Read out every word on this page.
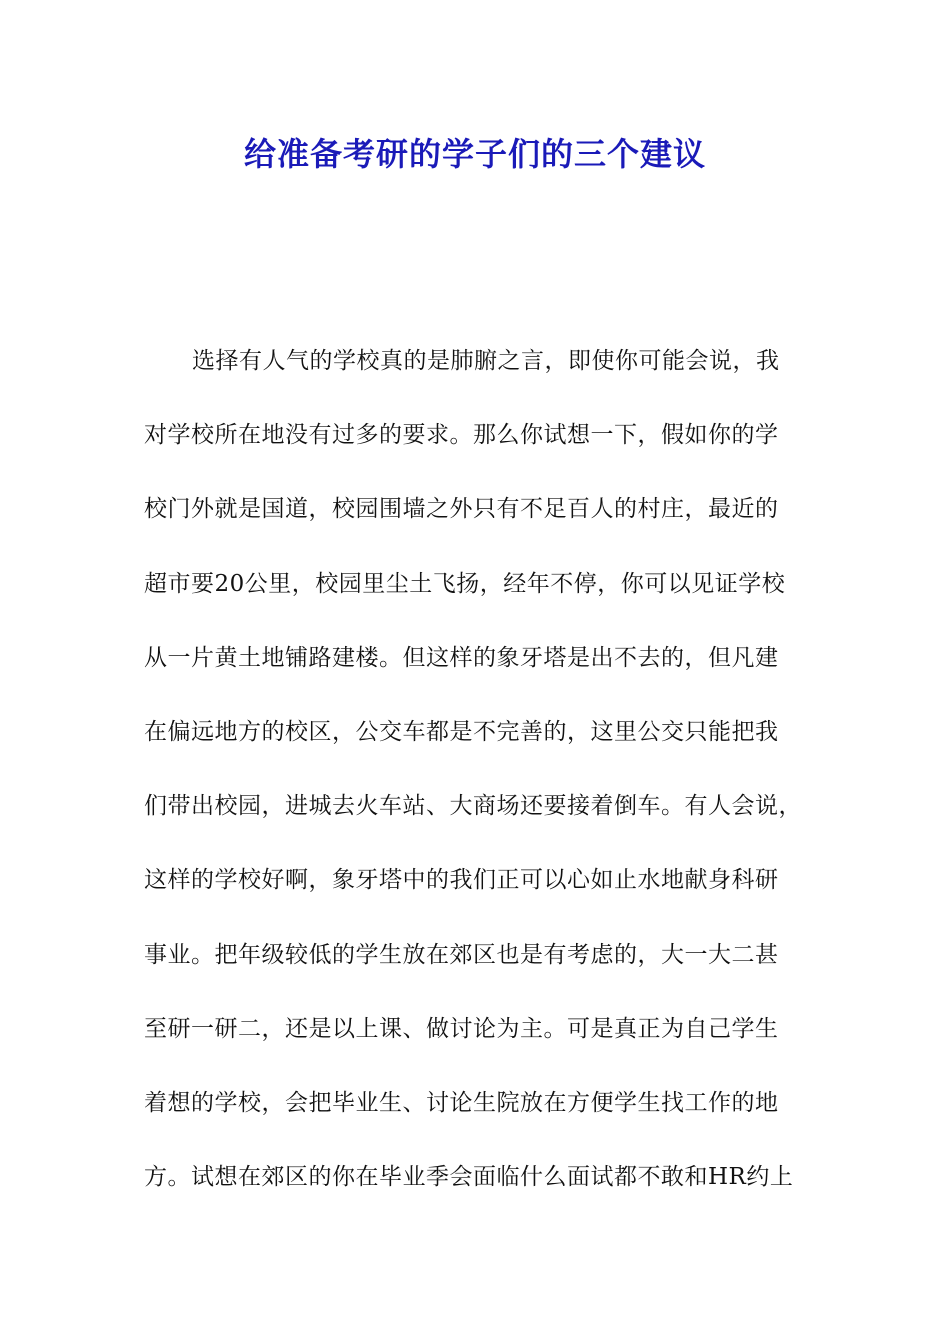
给准备考研的学子们的三个建议
选择有人气的学校真的是肺腑之言，即使你可能会说，我
对学校所在地没有过多的要求。那么你试想一下，假如你的学
校门外就是国道，校园围墙之外只有不足百人的村庄，最近的
超市要20公里，校园里尘土飞扬，经年不停，你可以见证学校
从一片黄土地铺路建楼。但这样的象牙塔是出不去的，但凡建
在偏远地方的校区，公交车都是不完善的，这里公交只能把我
们带出校园，进城去火车站、大商场还要接着倒车。有人会说，
这样的学校好啊，象牙塔中的我们正可以心如止水地献身科研
事业。把年级较低的学生放在郊区也是有考虑的，大一大二甚
至研一研二，还是以上课、做讨论为主。可是真正为自己学生
着想的学校，会把毕业生、讨论生院放在方便学生找工作的地
方。试想在郊区的你在毕业季会面临什么面试都不敢和HR约上
